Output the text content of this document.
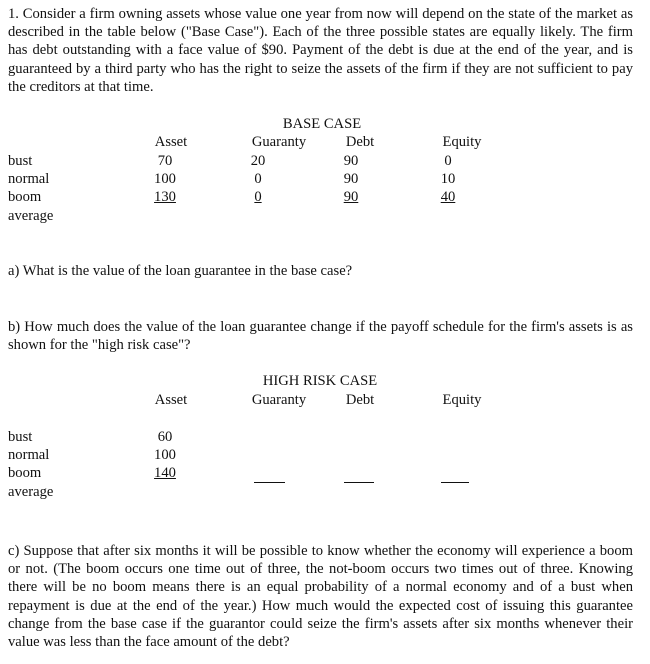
1. Consider a firm owning assets whose value one year from now will depend on the state of the market as described in the table below ("Base Case"). Each of the three possible states are equally likely. The firm has debt outstanding with a face value of $90. Payment of the debt is due at the end of the year, and is guaranteed by a third party who has the right to seize the assets of the firm if they are not sufficient to pay the creditors at that time.
BASE CASE
Asset	Guaranty	Debt	Equity
bust	70	20	90	0
normal	100	0	90	10
boom	130	0	90	40
average
a) What is the value of the loan guarantee in the base case?
b) How much does the value of the loan guarantee change if the payoff schedule for the firm's assets is as shown for the "high risk case"?
HIGH RISK CASE
Asset	Guaranty	Debt	Equity
bust	60
normal	100
boom	140
average
c) Suppose that after six months it will be possible to know whether the economy will experience a boom or not. (The boom occurs one time out of three, the not-boom occurs two times out of three. Knowing there will be no boom means there is an equal probability of a normal economy and of a bust when repayment is due at the end of the year.) How much would the expected cost of issuing this guarantee change from the base case if the guarantor could seize the firm's assets after six months whenever their value was less than the face amount of the debt?
